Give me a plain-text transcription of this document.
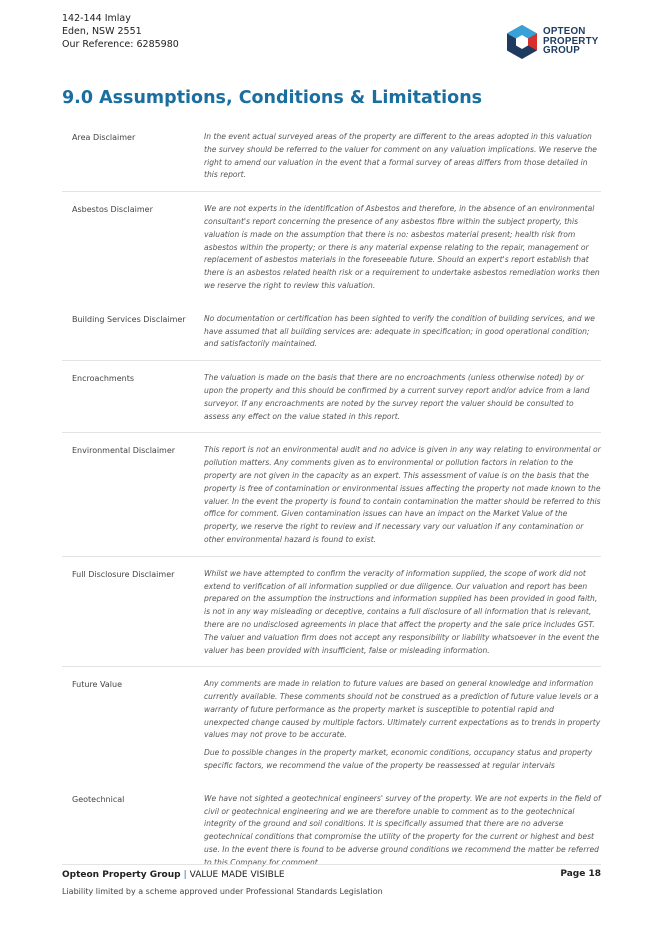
142-144 Imlay
Eden, NSW 2551
Our Reference: 6285980
OPTEON
PROPERTY
GROUP
9.0 Assumptions, Conditions & Limitations
Area Disclaimer	In the event actual surveyed areas of the property are different to the areas adopted in this valuation the survey should be referred to the valuer for comment on any valuation implications. We reserve the right to amend our valuation in the event that a formal survey of areas differs from those detailed in this report.

Asbestos Disclaimer	We are not experts in the identification of Asbestos and therefore, in the absence of an environmental consultant's report concerning the presence of any asbestos fibre within the subject property, this valuation is made on the assumption that there is no: asbestos material present; health risk from asbestos within the property; or there is any material expense relating to the repair, management or replacement of asbestos materials in the foreseeable future. Should an expert's report establish that there is an asbestos related health risk or a requirement to undertake asbestos remediation works then we reserve the right to review this valuation.

Building Services Disclaimer	No documentation or certification has been sighted to verify the condition of building services, and we have assumed that all building services are: adequate in specification; in good operational condition; and satisfactorily maintained.

Encroachments	The valuation is made on the basis that there are no encroachments (unless otherwise noted) by or upon the property and this should be confirmed by a current survey report and/or advice from a land surveyor. If any encroachments are noted by the survey report the valuer should be consulted to assess any effect on the value stated in this report.

Environmental Disclaimer	This report is not an environmental audit and no advice is given in any way relating to environmental or pollution matters. Any comments given as to environmental or pollution factors in relation to the property are not given in the capacity as an expert. This assessment of value is on the basis that the property is free of contamination or environmental issues affecting the property not made known to the valuer. In the event the property is found to contain contamination the matter should be referred to this office for comment. Given contamination issues can have an impact on the Market Value of the property, we reserve the right to review and if necessary vary our valuation if any contamination or other environmental hazard is found to exist.

Full Disclosure Disclaimer	Whilst we have attempted to confirm the veracity of information supplied, the scope of work did not extend to verification of all information supplied or due diligence. Our valuation and report has been prepared on the assumption the instructions and information supplied has been provided in good faith, is not in any way misleading or deceptive, contains a full disclosure of all information that is relevant, there are no undisclosed agreements in place that affect the property and the sale price includes GST. The valuer and valuation firm does not accept any responsibility or liability whatsoever in the event the valuer has been provided with insufficient, false or misleading information.

Future Value	Any comments are made in relation to future values are based on general knowledge and information currently available. These comments should not be construed as a prediction of future value levels or a warranty of future performance as the property market is susceptible to potential rapid and unexpected change caused by multiple factors. Ultimately current expectations as to trends in property values may not prove to be accurate.

Due to possible changes in the property market, economic conditions, occupancy status and property specific factors, we recommend the value of the property be reassessed at regular intervals

Geotechnical	We have not sighted a geotechnical engineers' survey of the property. We are not experts in the field of civil or geotechnical engineering and we are therefore unable to comment as to the geotechnical integrity of the ground and soil conditions. It is specifically assumed that there are no adverse geotechnical conditions that compromise the utility of the property for the current or highest and best use. In the event there is found to be adverse ground conditions we recommend the matter be referred to this Company for comment.

Opteon Property Group | VALUE MADE VISIBLE	Page 18
Liability limited by a scheme approved under Professional Standards Legislation
